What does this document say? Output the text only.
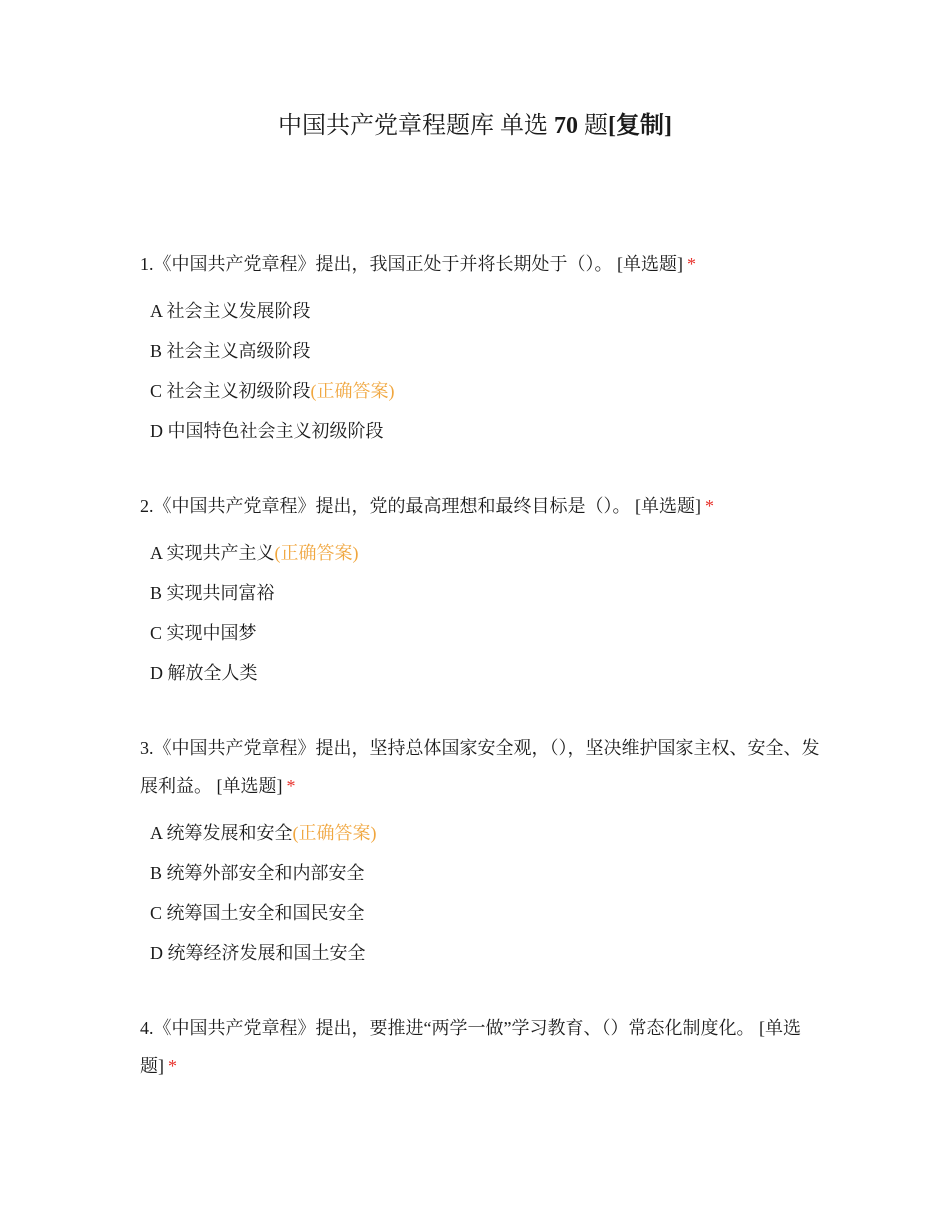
中国共产党章程题库 单选 70 题[复制]

1.《中国共产党章程》提出，我国正处于并将长期处于（）。 [单选题] *

A 社会主义发展阶段
B 社会主义高级阶段
C 社会主义初级阶段(正确答案)
D 中国特色社会主义初级阶段

2.《中国共产党章程》提出，党的最高理想和最终目标是（）。 [单选题] *

A 实现共产主义(正确答案)
B 实现共同富裕
C 实现中国梦
D 解放全人类

3.《中国共产党章程》提出，坚持总体国家安全观，（），坚决维护国家主权、安全、发展利益。 [单选题] *

A 统筹发展和安全(正确答案)
B 统筹外部安全和内部安全
C 统筹国土安全和国民安全
D 统筹经济发展和国土安全

4.《中国共产党章程》提出，要推进“两学一做”学习教育、（）常态化制度化。 [单选题] *
